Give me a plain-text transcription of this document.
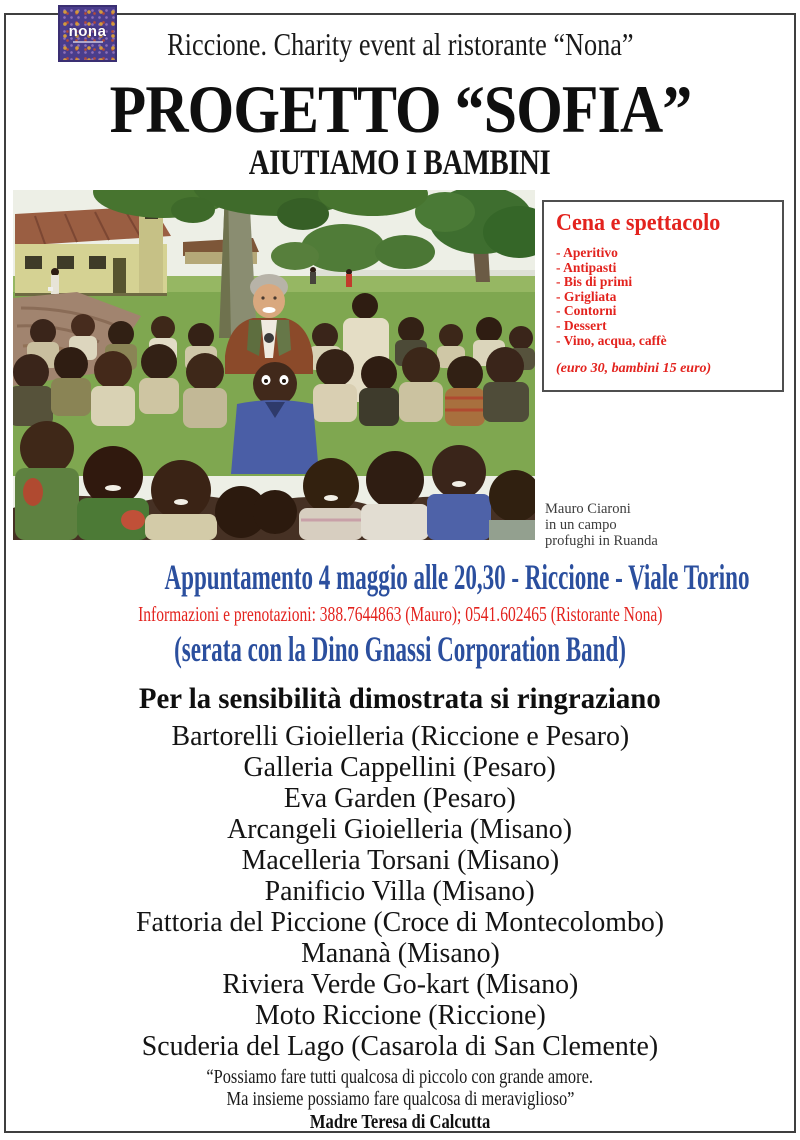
nona	Riccione. Charity event al ristorante “Nona”
PROGETTO “SOFIA”
AIUTIAMO I BAMBINI
Cena e spettacolo
- Aperitivo
- Antipasti
- Bis di primi
- Grigliata
- Contorni
- Dessert
- Vino, acqua, caffè
(euro 30, bambini 15 euro)
Mauro Ciaroni
in un campo
profughi in Ruanda
Appuntamento 4 maggio alle 20,30 - Riccione - Viale Torino
Informazioni e prenotazioni: 388.7644863 (Mauro); 0541.602465 (Ristorante Nona)
(serata con la Dino Gnassi Corporation Band)
Per la sensibilità dimostrata si ringraziano
Bartorelli Gioielleria (Riccione e Pesaro)
Galleria Cappellini (Pesaro)
Eva Garden (Pesaro)
Arcangeli Gioielleria (Misano)
Macelleria Torsani (Misano)
Panificio Villa (Misano)
Fattoria del Piccione (Croce di Montecolombo)
Mananà (Misano)
Riviera Verde Go-kart (Misano)
Moto Riccione (Riccione)
Scuderia del Lago (Casarola di San Clemente)
“Possiamo fare tutti qualcosa di piccolo con grande amore.
Ma insieme possiamo fare qualcosa di meraviglioso”
Madre Teresa di Calcutta
